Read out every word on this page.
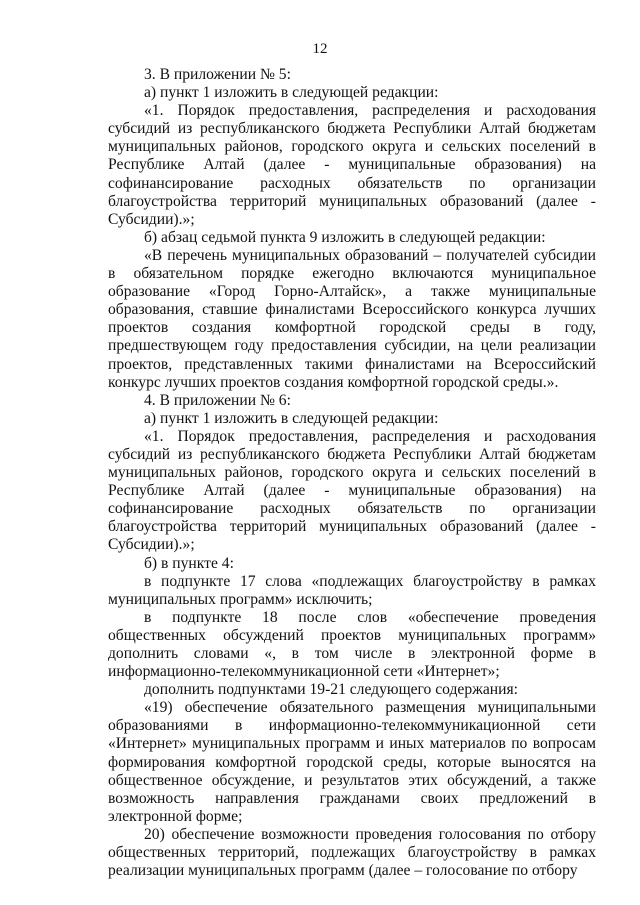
12

3. В приложении № 5:

а) пункт 1 изложить в следующей редакции:

«1. Порядок предоставления, распределения и расходования субсидий из республиканского бюджета Республики Алтай бюджетам муниципальных районов, городского округа и сельских поселений в Республике Алтай (далее - муниципальные образования) на софинансирование расходных обязательств по организации благоустройства территорий муниципальных образований (далее - Субсидии).»;

б) абзац седьмой пункта 9 изложить в следующей редакции:

«В перечень муниципальных образований – получателей субсидии в обязательном порядке ежегодно включаются муниципальное образование «Город Горно-Алтайск», а также муниципальные образования, ставшие финалистами Всероссийского конкурса лучших проектов создания комфортной городской среды в году, предшествующем году предоставления субсидии, на цели реализации проектов, представленных такими финалистами на Всероссийский конкурс лучших проектов создания комфортной городской среды.».

4. В приложении № 6:

а) пункт 1 изложить в следующей редакции:

«1. Порядок предоставления, распределения и расходования субсидий из республиканского бюджета Республики Алтай бюджетам муниципальных районов, городского округа и сельских поселений в Республике Алтай (далее - муниципальные образования) на софинансирование расходных обязательств по организации благоустройства территорий муниципальных образований (далее - Субсидии).»;

б) в пункте 4:

в подпункте 17 слова «подлежащих благоустройству в рамках муниципальных программ» исключить;

в подпункте 18 после слов «обеспечение проведения общественных обсуждений проектов муниципальных программ» дополнить словами «, в том числе в электронной форме в информационно-телекоммуникационной сети «Интернет»;

дополнить подпунктами 19-21 следующего содержания:

«19) обеспечение обязательного размещения муниципальными образованиями в информационно-телекоммуникационной сети «Интернет» муниципальных программ и иных материалов по вопросам формирования комфортной городской среды, которые выносятся на общественное обсуждение, и результатов этих обсуждений, а также возможность направления гражданами своих предложений в электронной форме;

20) обеспечение возможности проведения голосования по отбору общественных территорий, подлежащих благоустройству в рамках реализации муниципальных программ (далее – голосование по отбору
